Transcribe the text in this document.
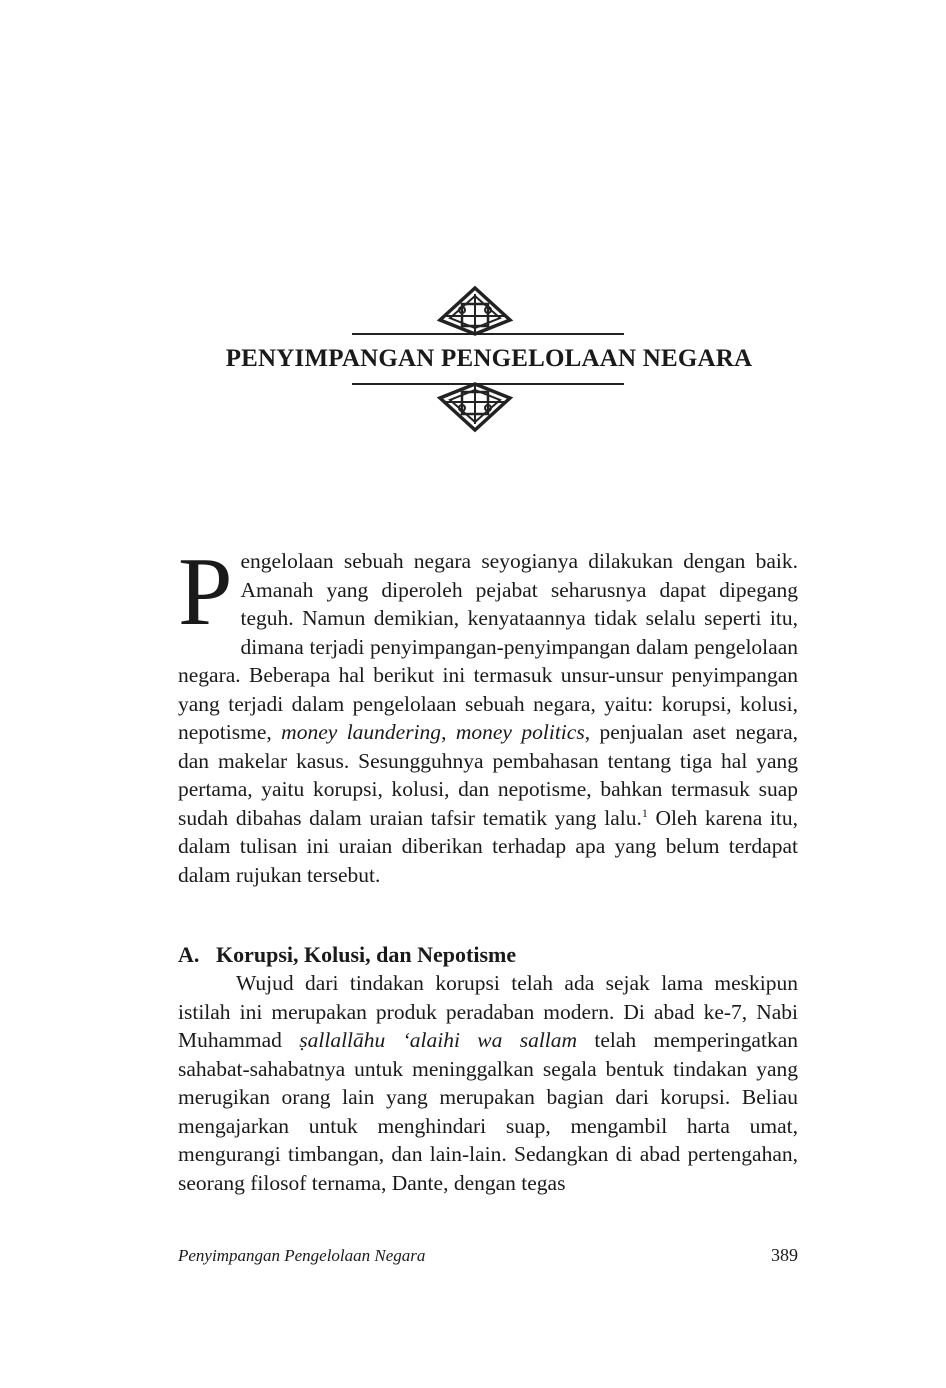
PENYIMPANGAN PENGELOLAAN NEGARA

Pengelolaan sebuah negara seyogianya dilakukan dengan baik. Amanah yang diperoleh pejabat seharusnya dapat dipegang teguh. Namun demikian, kenyataannya tidak selalu seperti itu, dimana terjadi penyimpangan-penyimpangan dalam pengelolaan negara. Beberapa hal berikut ini termasuk unsur-unsur penyimpangan yang terjadi dalam pengelolaan sebuah negara, yaitu: korupsi, kolusi, nepotisme, money laundering, money politics, penjualan aset negara, dan makelar kasus. Sesungguhnya pembahasan tentang tiga hal yang pertama, yaitu korupsi, kolusi, dan nepotisme, bahkan termasuk suap sudah dibahas dalam uraian tafsir tematik yang lalu.$^1$ Oleh karena itu, dalam tulisan ini uraian diberikan terhadap apa yang belum terdapat dalam rujukan tersebut.

A. Korupsi, Kolusi, dan Nepotisme

Wujud dari tindakan korupsi telah ada sejak lama meskipun istilah ini merupakan produk peradaban modern. Di abad ke-7, Nabi Muhammad ṣallallāhu ‘alaihi wa sallam telah memperingatkan sahabat-sahabatnya untuk meninggalkan segala bentuk tindakan yang merugikan orang lain yang merupakan bagian dari korupsi. Beliau mengajarkan untuk menghindari suap, mengambil harta umat, mengurangi timbangan, dan lain-lain. Sedangkan di abad pertengahan, seorang filosof ternama, Dante, dengan tegas

Penyimpangan Pengelolaan Negara	389
